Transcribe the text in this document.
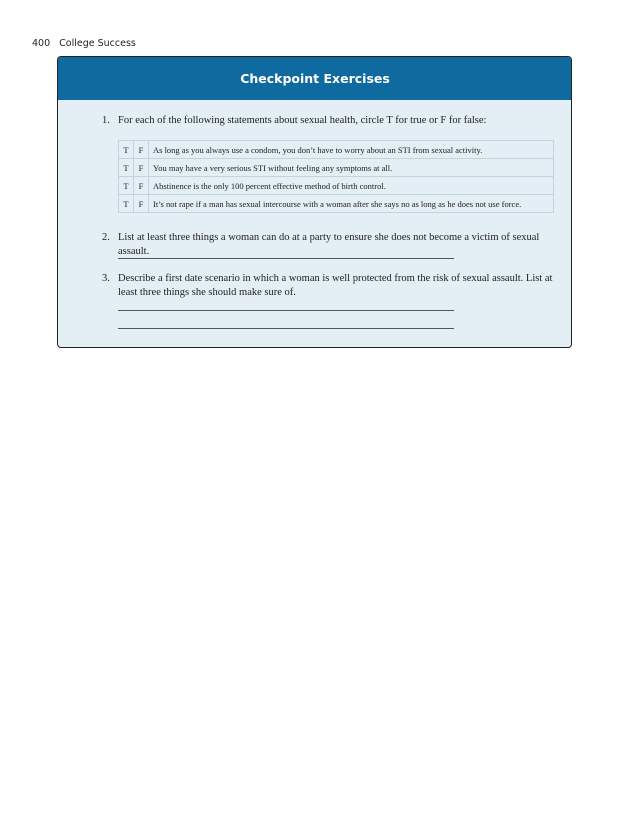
400 College Success
Checkpoint Exercises
1. For each of the following statements about sexual health, circle T for true or F for false:
T	F	As long as you always use a condom, you don’t have to worry about an STI from sexual activity.
T	F	You may have a very serious STI without feeling any symptoms at all.
T	F	Abstinence is the only 100 percent effective method of birth control.
T	F	It’s not rape if a man has sexual intercourse with a woman after she says no as long as he does not use force.
2. List at least three things a woman can do at a party to ensure she does not become a victim of sexual assault.
3. Describe a first date scenario in which a woman is well protected from the risk of sexual assault. List at least three things she should make sure of.
